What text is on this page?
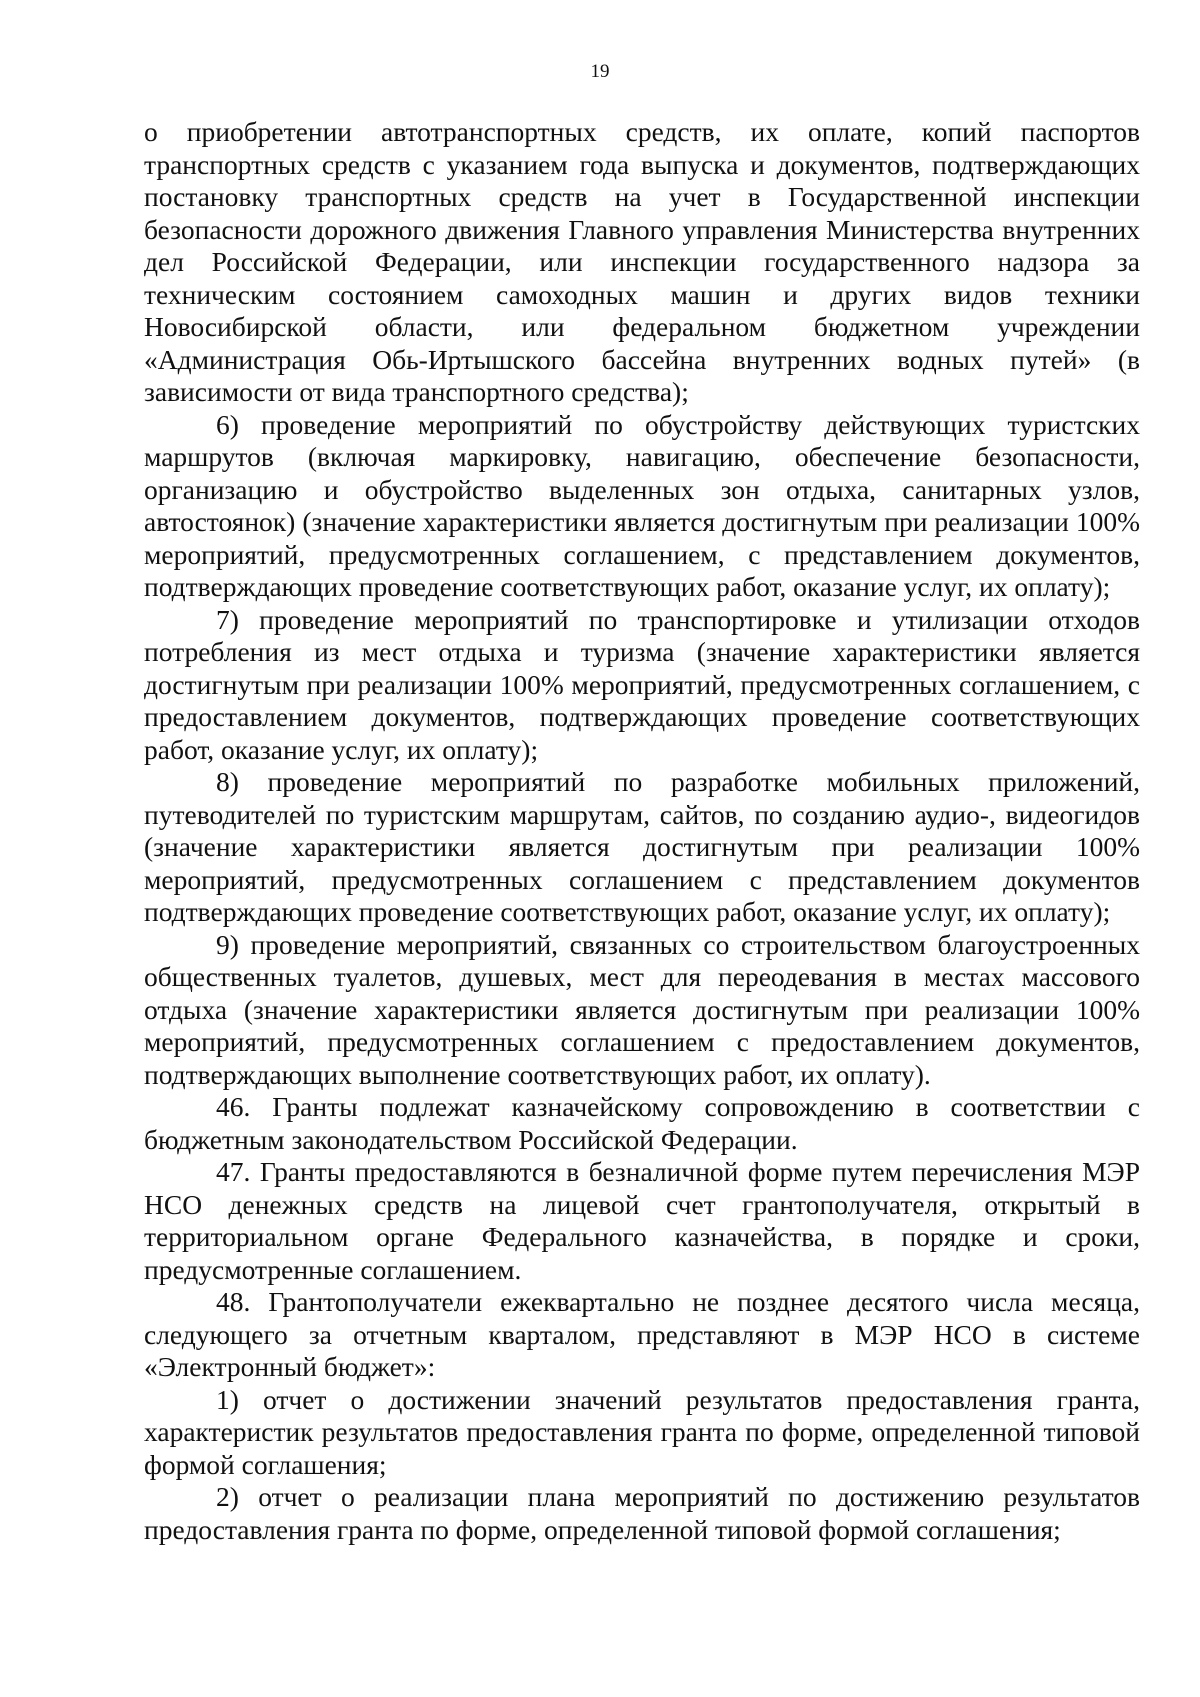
19

о приобретении автотранспортных средств, их оплате, копий паспортов транспортных средств с указанием года выпуска и документов, подтверждающих постановку транспортных средств на учет в Государственной инспекции безопасности дорожного движения Главного управления Министерства внутренних дел Российской Федерации, или инспекции государственного надзора за техническим состоянием самоходных машин и других видов техники Новосибирской области, или федеральном бюджетном учреждении «Администрация Обь-Иртышского бассейна внутренних водных путей» (в зависимости от вида транспортного средства);

6) проведение мероприятий по обустройству действующих туристских маршрутов (включая маркировку, навигацию, обеспечение безопасности, организацию и обустройство выделенных зон отдыха, санитарных узлов, автостоянок) (значение характеристики является достигнутым при реализации 100% мероприятий, предусмотренных соглашением, с представлением документов, подтверждающих проведение соответствующих работ, оказание услуг, их оплату);

7) проведение мероприятий по транспортировке и утилизации отходов потребления из мест отдыха и туризма (значение характеристики является достигнутым при реализации 100% мероприятий, предусмотренных соглашением, с предоставлением документов, подтверждающих проведение соответствующих работ, оказание услуг, их оплату);

8) проведение мероприятий по разработке мобильных приложений, путеводителей по туристским маршрутам, сайтов, по созданию аудио-, видеогидов (значение характеристики является достигнутым при реализации 100% мероприятий, предусмотренных соглашением с представлением документов подтверждающих проведение соответствующих работ, оказание услуг, их оплату);

9) проведение мероприятий, связанных со строительством благоустроенных общественных туалетов, душевых, мест для переодевания в местах массового отдыха (значение характеристики является достигнутым при реализации 100% мероприятий, предусмотренных соглашением с предоставлением документов, подтверждающих выполнение соответствующих работ, их оплату).

46. Гранты подлежат казначейскому сопровождению в соответствии с бюджетным законодательством Российской Федерации.

47. Гранты предоставляются в безналичной форме путем перечисления МЭР НСО денежных средств на лицевой счет грантополучателя, открытый в территориальном органе Федерального казначейства, в порядке и сроки, предусмотренные соглашением.

48. Грантополучатели ежеквартально не позднее десятого числа месяца, следующего за отчетным кварталом, представляют в МЭР НСО в системе «Электронный бюджет»:

1) отчет о достижении значений результатов предоставления гранта, характеристик результатов предоставления гранта по форме, определенной типовой формой соглашения;

2) отчет о реализации плана мероприятий по достижению результатов предоставления гранта по форме, определенной типовой формой соглашения;
